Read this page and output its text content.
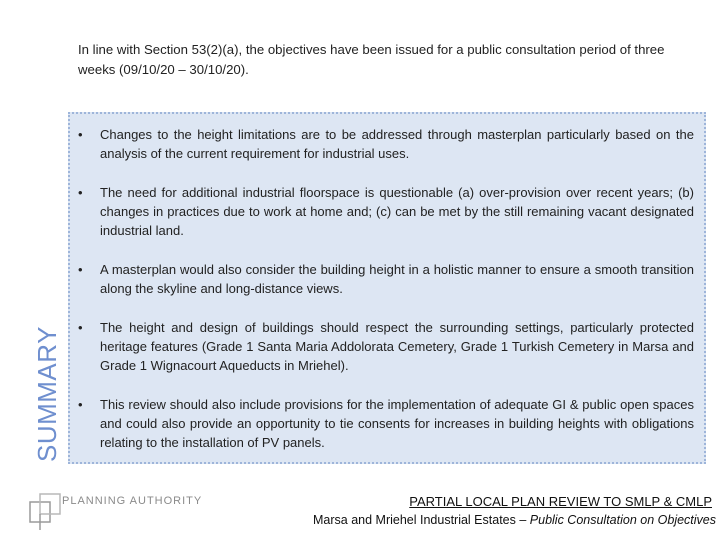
In line with Section 53(2)(a), the objectives have been issued for a public consultation period of three weeks (09/10/20 – 30/10/20).
SUMMARY
•	Changes to the height limitations are to be addressed through masterplan particularly based on the analysis of the current requirement for industrial uses.
•	The need for additional industrial floorspace is questionable (a) over-provision over recent years; (b) changes in practices due to work at home and; (c) can be met by the still remaining vacant designated industrial land.
•	A masterplan would also consider the building height in a holistic manner to ensure a smooth transition along the skyline and long-distance views.
•	The height and design of buildings should respect the surrounding settings, particularly protected heritage features (Grade 1 Santa Maria Addolorata Cemetery, Grade 1 Turkish Cemetery in Marsa and Grade 1 Wignacourt Aqueducts in Mriehel).
•	This review should also include provisions for the implementation of adequate GI & public open spaces and could also provide an opportunity to tie consents for increases in building heights with obligations relating to the installation of PV panels.
PLANNING AUTHORITY	PARTIAL LOCAL PLAN REVIEW TO SMLP & CMLP
Marsa and Mriehel Industrial Estates – Public Consultation on Objectives
